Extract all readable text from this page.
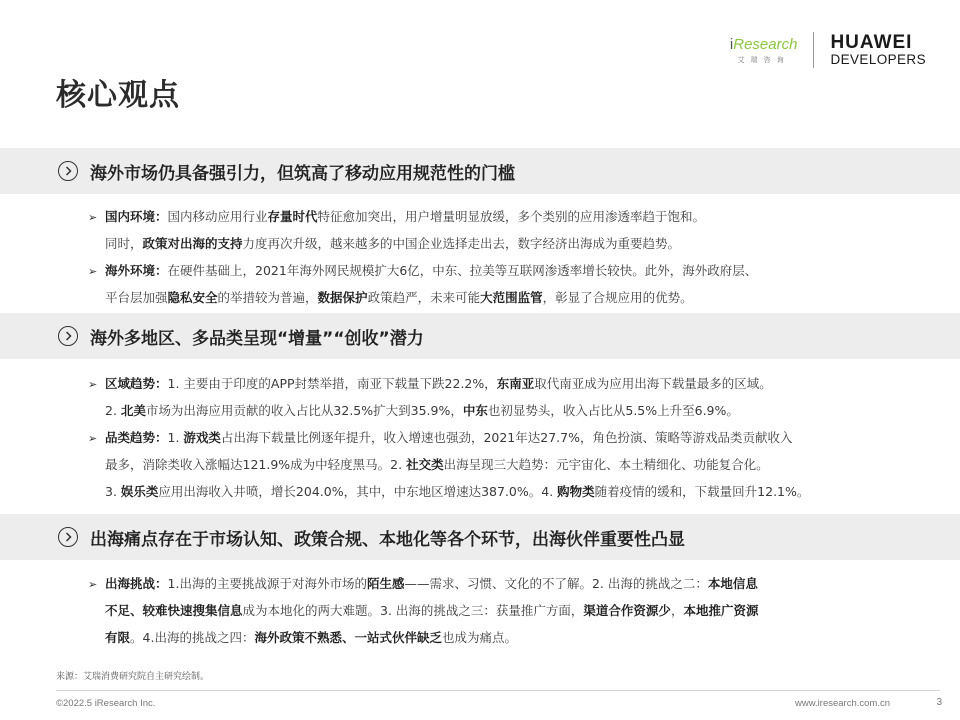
核心观点
iResearch
艾瑞咨询
HUAWEI
DEVELOPERS
海外市场仍具备强引力，但筑高了移动应用规范性的门槛
➢ 国内环境：国内移动应用行业存量时代特征愈加突出，用户增量明显放缓，多个类别的应用渗透率趋于饱和。
同时，政策对出海的支持力度再次升级，越来越多的中国企业选择走出去，数字经济出海成为重要趋势。
➢ 海外环境：在硬件基础上，2021年海外网民规模扩大6亿，中东、拉美等互联网渗透率增长较快。此外，海外政府层、
平台层加强隐私安全的举措较为普遍，数据保护政策趋严，未来可能大范围监管，彰显了合规应用的优势。
海外多地区、多品类呈现“增量”“创收”潜力
➢ 区域趋势：1. 主要由于印度的APP封禁举措，南亚下载量下跌22.2%，东南亚取代南亚成为应用出海下载量最多的区域。
2. 北美市场为出海应用贡献的收入占比从32.5%扩大到35.9%，中东也初显势头，收入占比从5.5%上升至6.9%。
➢ 品类趋势：1. 游戏类占出海下载量比例逐年提升，收入增速也强劲，2021年达27.7%，角色扮演、策略等游戏品类贡献收入
最多，消除类收入涨幅达121.9%成为中轻度黑马。2. 社交类出海呈现三大趋势：元宇宙化、本土精细化、功能复合化。
3. 娱乐类应用出海收入井喷，增长204.0%，其中，中东地区增速达387.0%。4. 购物类随着疫情的缓和，下载量回升12.1%。
出海痛点存在于市场认知、政策合规、本地化等各个环节，出海伙伴重要性凸显
➢ 出海挑战：1.出海的主要挑战源于对海外市场的陌生感——需求、习惯、文化的不了解。2. 出海的挑战之二：本地信息
不足、较难快速搜集信息成为本地化的两大难题。3. 出海的挑战之三：获量推广方面，渠道合作资源少，本地推广资源
有限。4.出海的挑战之四：海外政策不熟悉、一站式伙伴缺乏也成为痛点。
来源：艾瑞消费研究院自主研究绘制。
©2022.5 iResearch Inc.	www.iresearch.com.cn	3
